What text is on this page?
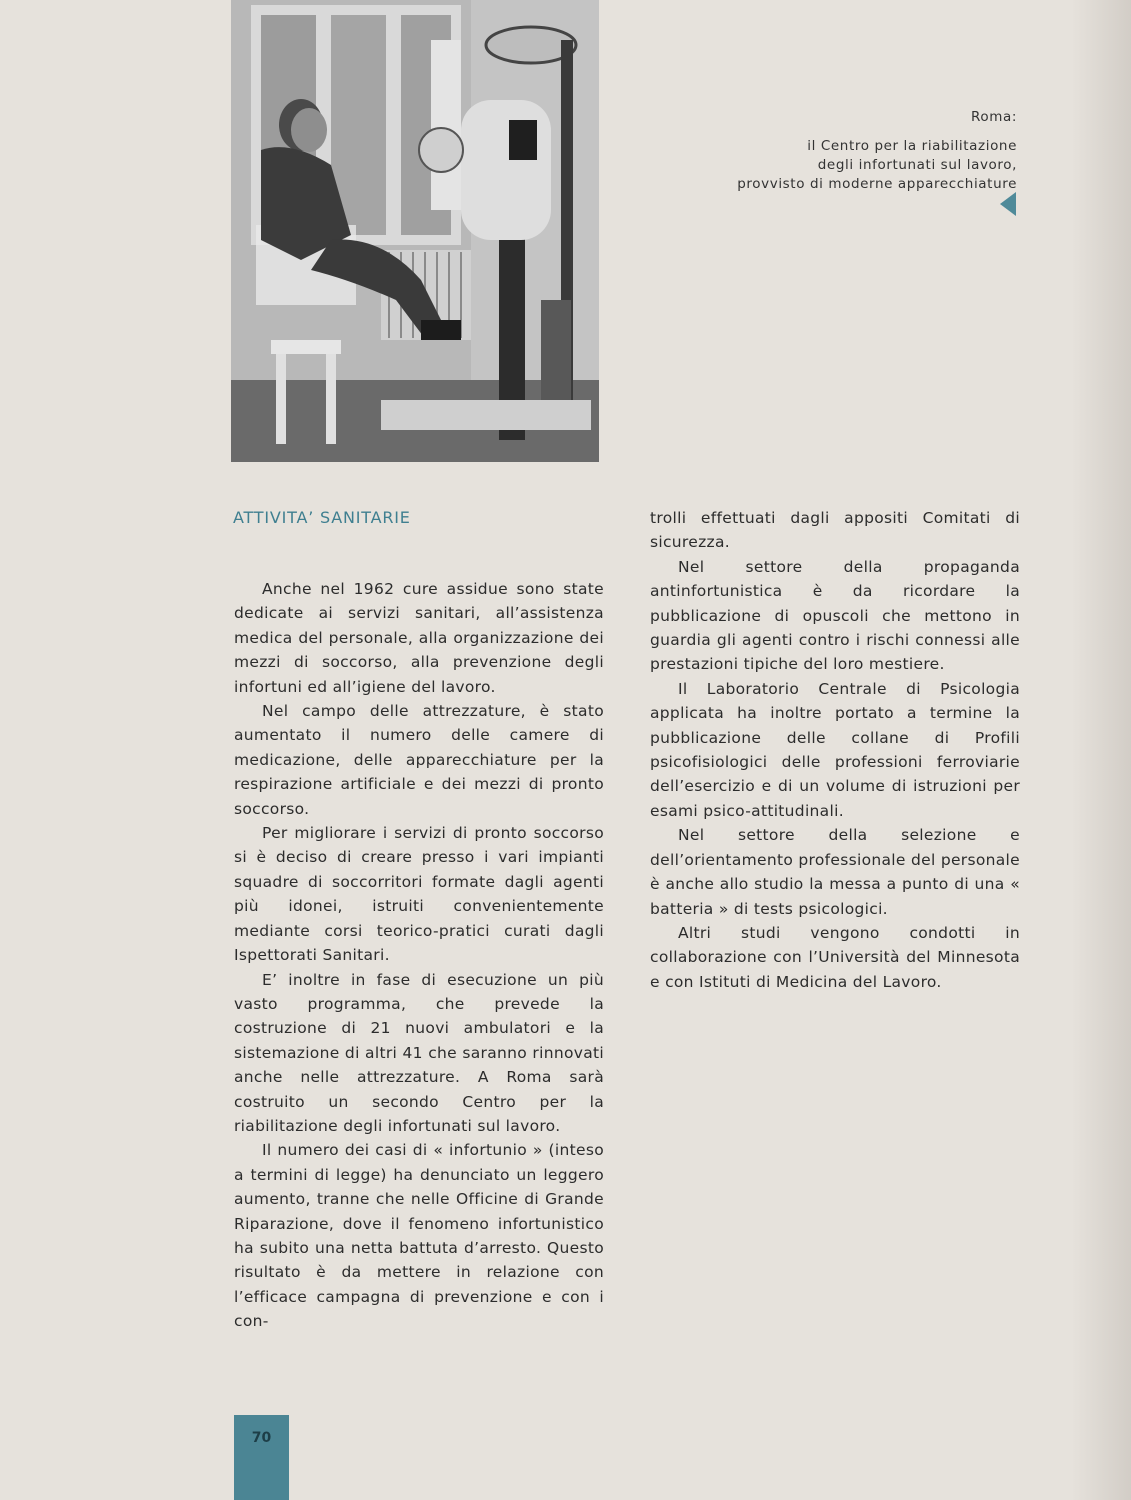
Roma:
il Centro per la riabilitazione
degli infortunati sul lavoro,
provvisto di moderne apparecchiature
ATTIVITA’ SANITARIE

Anche nel 1962 cure assidue sono state dedicate ai servizi sanitari, all’assistenza medica del personale, alla organizzazione dei mezzi di soccorso, alla prevenzione degli infortuni ed all’igiene del lavoro.

Nel campo delle attrezzature, è stato aumentato il numero delle camere di medicazione, delle apparecchiature per la respirazione artificiale e dei mezzi di pronto soccorso.

Per migliorare i servizi di pronto soccorso si è deciso di creare presso i vari impianti squadre di soccorritori formate dagli agenti più idonei, istruiti convenientemente mediante corsi teorico-pratici curati dagli Ispettorati Sanitari.

E’ inoltre in fase di esecuzione un più vasto programma, che prevede la costruzione di 21 nuovi ambulatori e la sistemazione di altri 41 che saranno rinnovati anche nelle attrezzature. A Roma sarà costruito un secondo Centro per la riabilitazione degli infortunati sul lavoro.

Il numero dei casi di « infortunio » (inteso a termini di legge) ha denunciato un leggero aumento, tranne che nelle Officine di Grande Riparazione, dove il fenomeno infortunistico ha subito una netta battuta d’arresto. Questo risultato è da mettere in relazione con l’efficace campagna di prevenzione e con i con-

trolli effettuati dagli appositi Comitati di sicurezza.

Nel settore della propaganda antinfortunistica è da ricordare la pubblicazione di opuscoli che mettono in guardia gli agenti contro i rischi connessi alle prestazioni tipiche del loro mestiere.

Il Laboratorio Centrale di Psicologia applicata ha inoltre portato a termine la pubblicazione delle collane di Profili psicofisiologici delle professioni ferroviarie dell’esercizio e di un volume di istruzioni per esami psico-attitudinali.

Nel settore della selezione e dell’orientamento professionale del personale è anche allo studio la messa a punto di una « batteria » di tests psicologici.

Altri studi vengono condotti in collaborazione con l’Università del Minnesota e con Istituti di Medicina del Lavoro.

70
